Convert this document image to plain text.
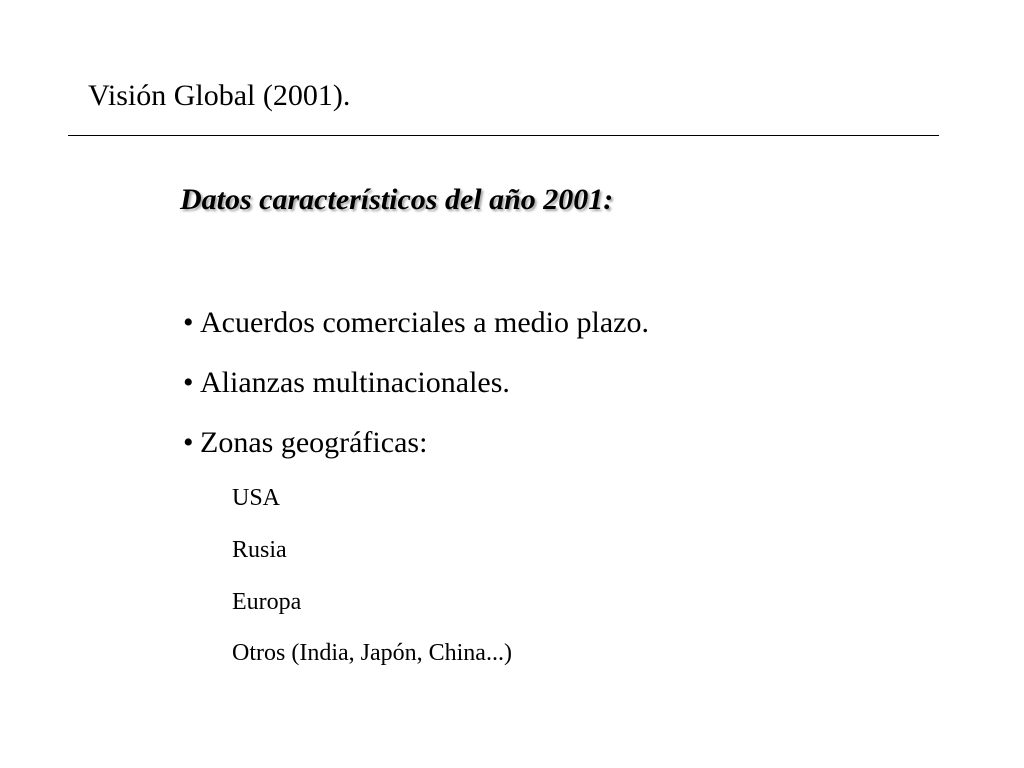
Visión Global (2001).
Datos característicos del año 2001:
• Acuerdos comerciales a medio plazo.
• Alianzas multinacionales.
• Zonas geográficas:
USA
Rusia
Europa
Otros (India, Japón, China...)
